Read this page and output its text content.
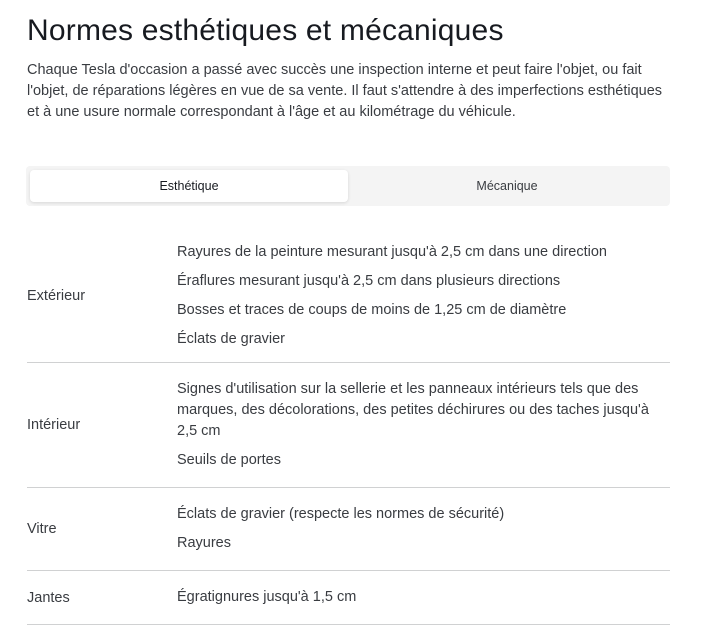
Normes esthétiques et mécaniques

Chaque Tesla d'occasion a passé avec succès une inspection interne et peut faire l'objet, ou fait l'objet, de réparations légères en vue de sa vente. Il faut s'attendre à des imperfections esthétiques et à une usure normale correspondant à l'âge et au kilométrage du véhicule.

Esthétique	Mécanique
Extérieur
Rayures de la peinture mesurant jusqu'à 2,5 cm dans une direction
Éraflures mesurant jusqu'à 2,5 cm dans plusieurs directions
Bosses et traces de coups de moins de 1,25 cm de diamètre
Éclats de gravier
Intérieur
Signes d'utilisation sur la sellerie et les panneaux intérieurs tels que des marques, des décolorations, des petites déchirures ou des taches jusqu'à 2,5 cm
Seuils de portes
Vitre
Éclats de gravier (respecte les normes de sécurité)
Rayures
Jantes	Égratignures jusqu'à 1,5 cm
